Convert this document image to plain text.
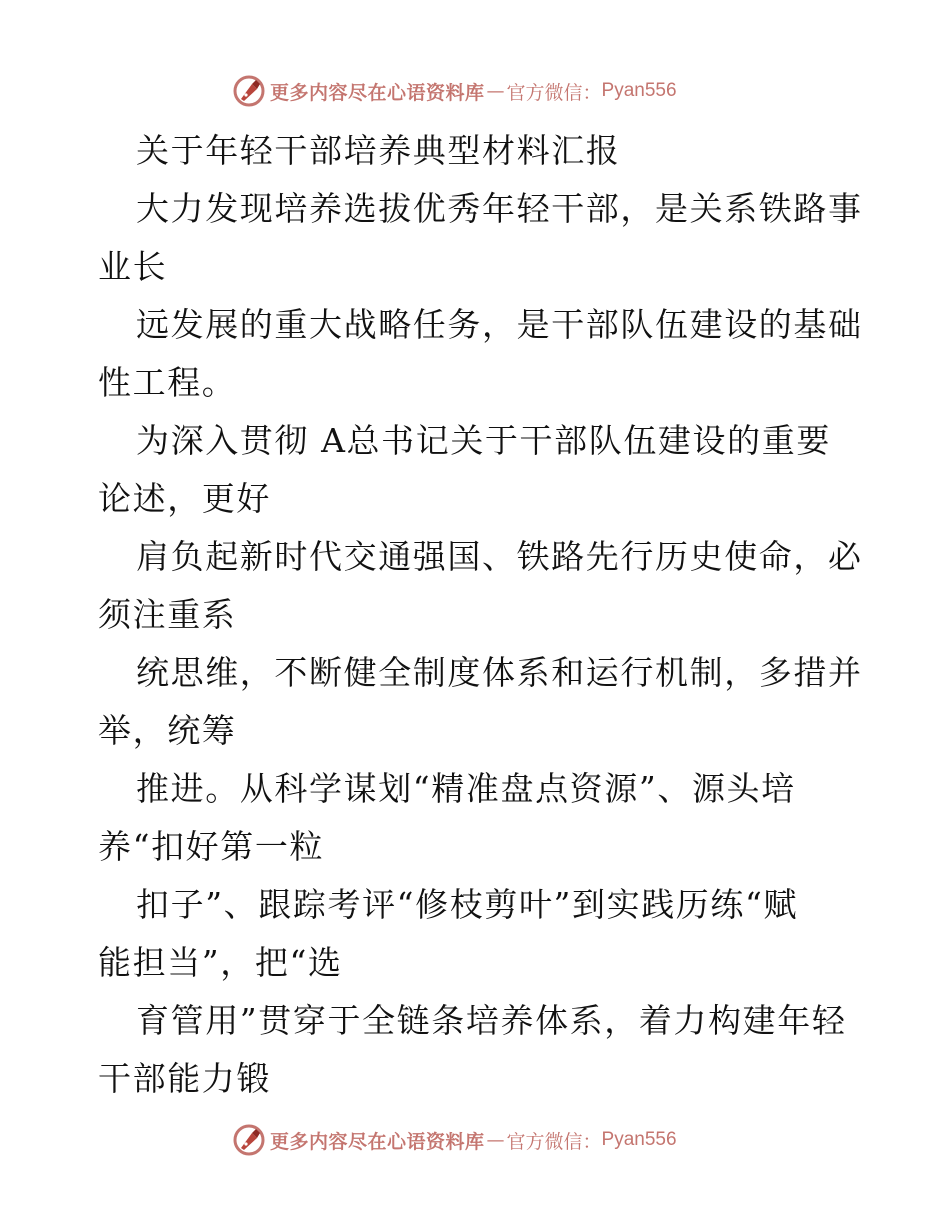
更多内容尽在心语资料库 — 官方微信： Pyan556
关于年轻干部培养典型材料汇报
大力发现培养选拔优秀年轻干部，是关系铁路事
业长
远发展的重大战略任务，是干部队伍建设的基础
性工程。
为深入贯彻 A总书记关于干部队伍建设的重要
论述，更好
肩负起新时代交通强国、铁路先行历史使命，必
须注重系
统思维，不断健全制度体系和运行机制，多措并
举，统筹
推进。从科学谋划“精准盘点资源”、源头培
养“扣好第一粒
扣子”、跟踪考评“修枝剪叶”到实践历练“赋
能担当”，把“选
育管用”贯穿于全链条培养体系，着力构建年轻
干部能力锻
更多内容尽在心语资料库 — 官方微信： Pyan556
